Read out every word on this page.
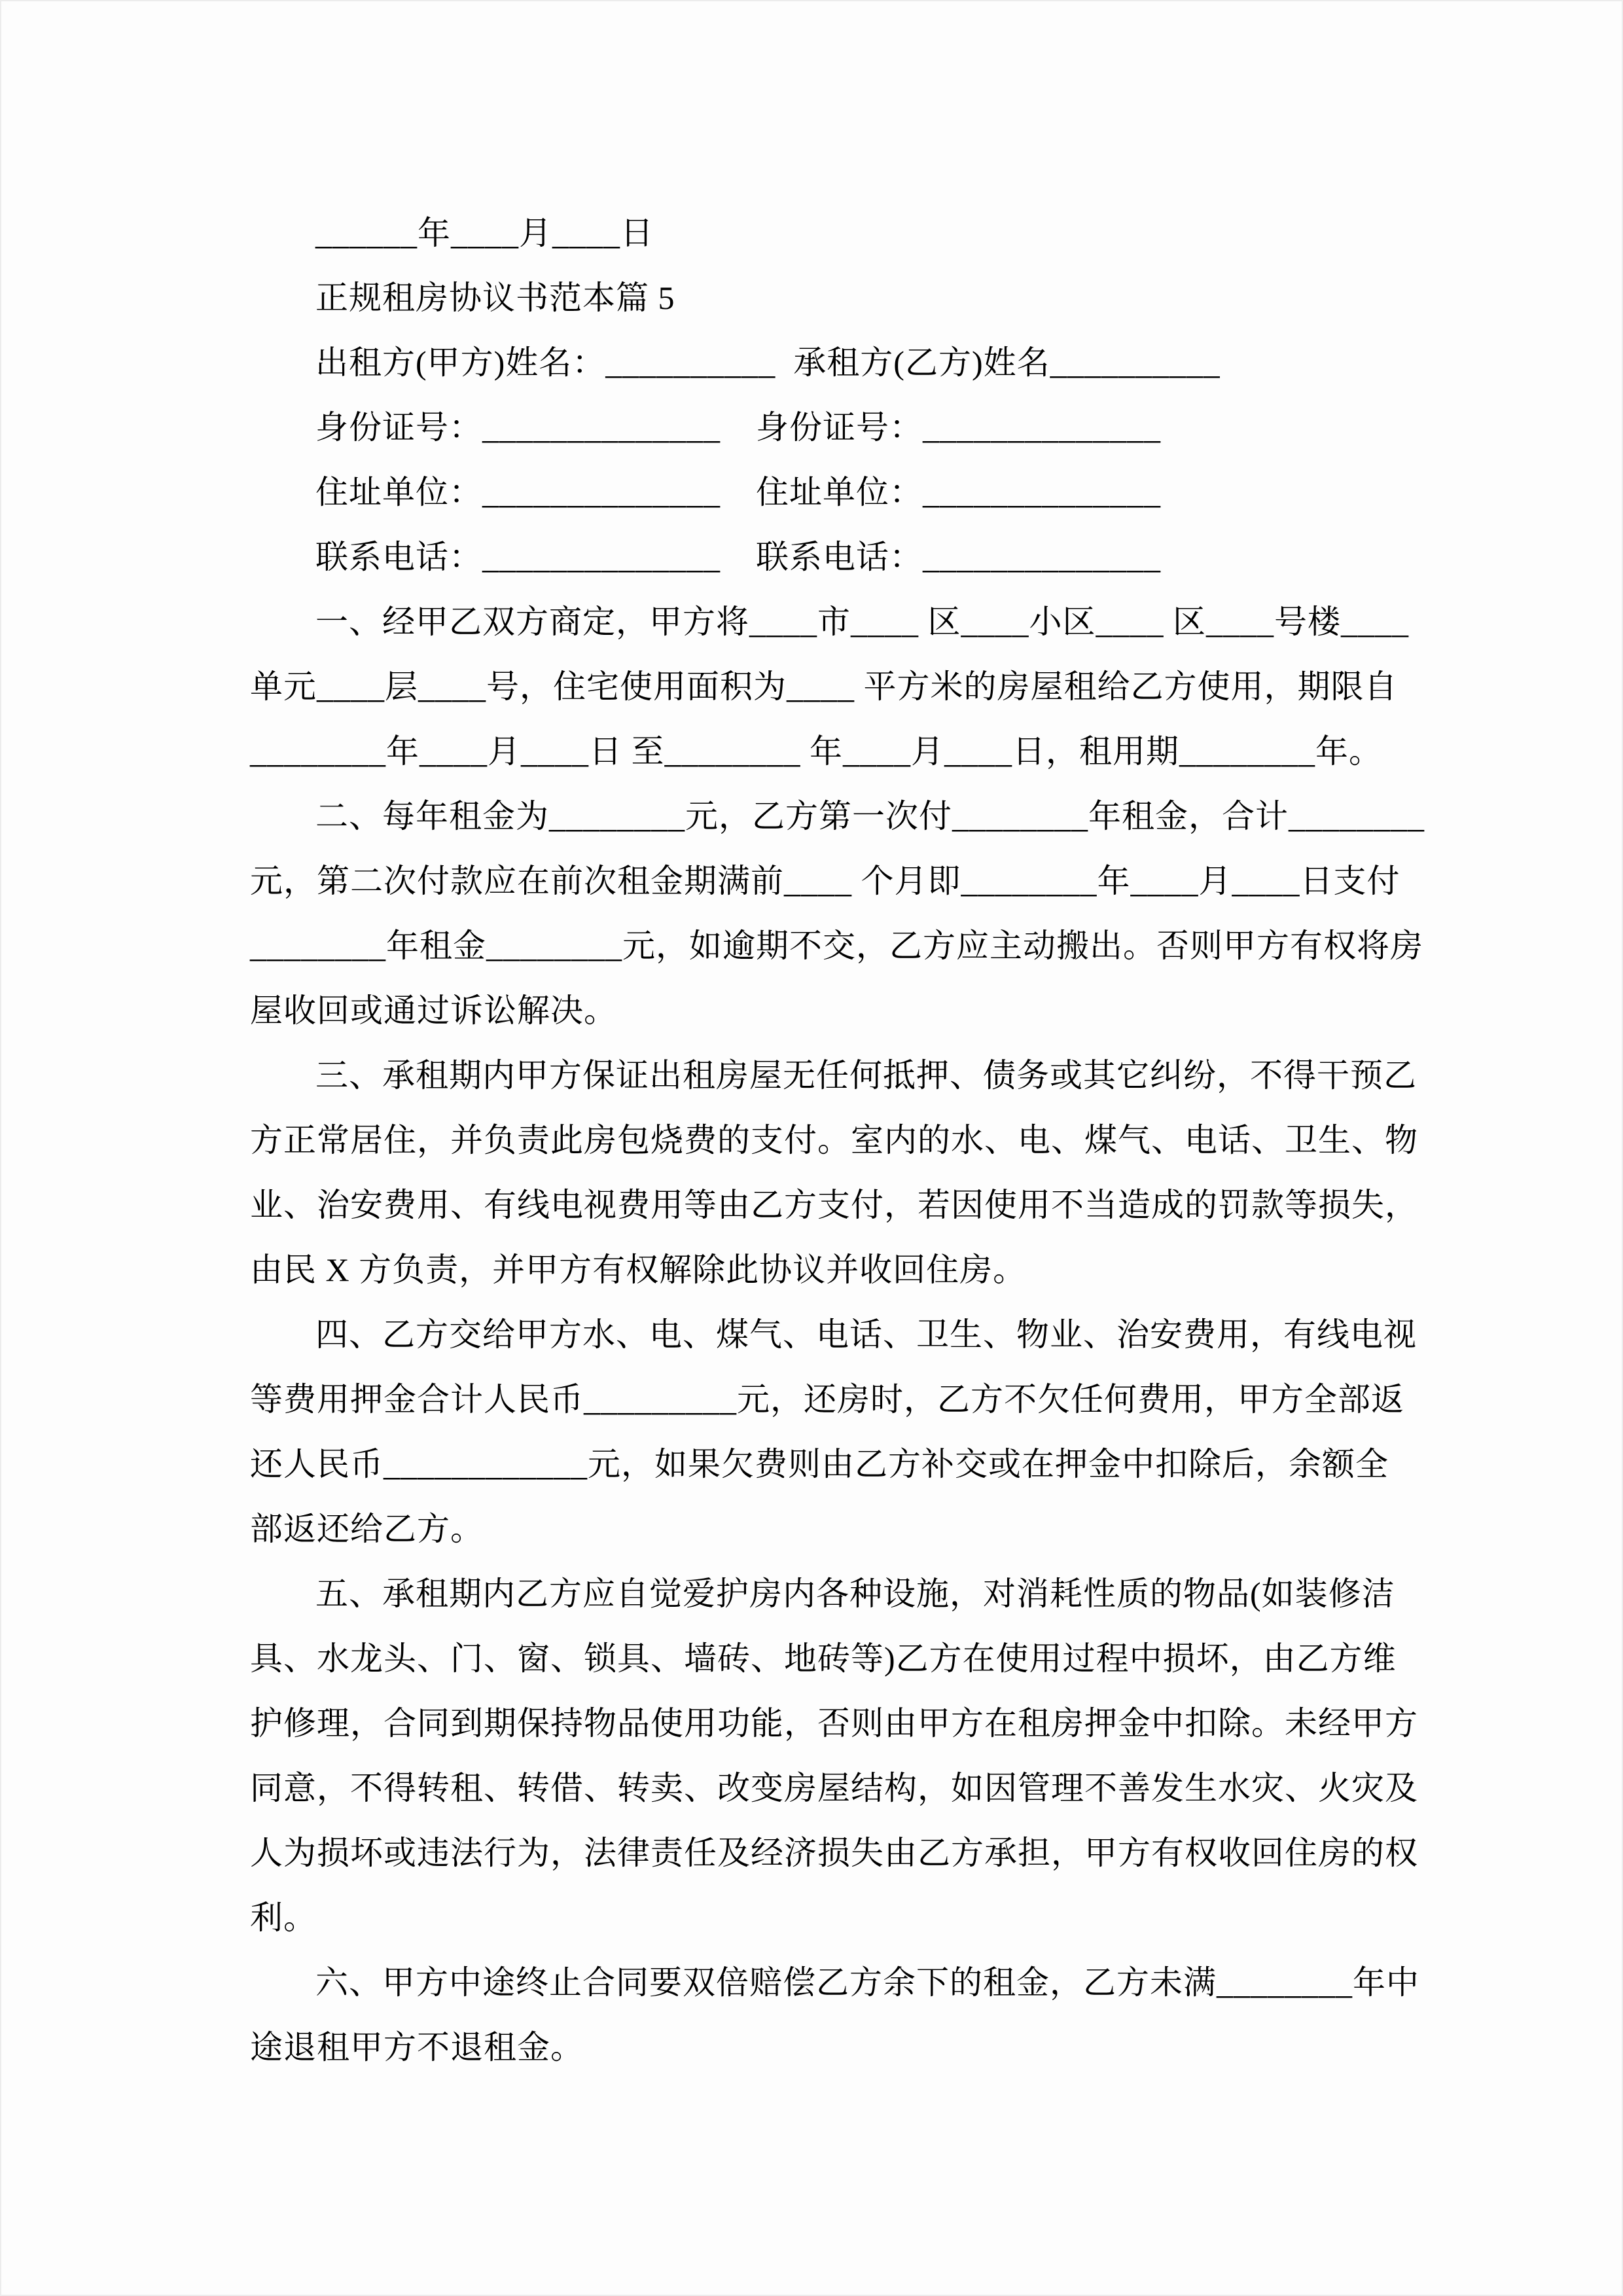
______年____月____日
正规租房协议书范本篇 5
出租方(甲方)姓名：__________  承租方(乙方)姓名__________
身份证号：______________    身份证号：______________
住址单位：______________    住址单位：______________
联系电话：______________    联系电话：______________
一、经甲乙双方商定，甲方将____市____ 区____小区____ 区____号楼____
单元____层____号，住宅使用面积为____ 平方米的房屋租给乙方使用，期限自
________年____月____日 至________ 年____月____日，租用期________年。
二、每年租金为________元，乙方第一次付________年租金，合计________
元，第二次付款应在前次租金期满前____ 个月即________年____月____日支付
________年租金________元，如逾期不交，乙方应主动搬出。否则甲方有权将房
屋收回或通过诉讼解决。
三、承租期内甲方保证出租房屋无任何抵押、债务或其它纠纷，不得干预乙
方正常居住，并负责此房包烧费的支付。室内的水、电、煤气、电话、卫生、物
业、治安费用、有线电视费用等由乙方支付，若因使用不当造成的罚款等损失，
由民 X 方负责，并甲方有权解除此协议并收回住房。
四、乙方交给甲方水、电、煤气、电话、卫生、物业、治安费用，有线电视
等费用押金合计人民币_________元，还房时，乙方不欠任何费用，甲方全部返
还人民币____________元，如果欠费则由乙方补交或在押金中扣除后，余额全
部返还给乙方。
五、承租期内乙方应自觉爱护房内各种设施，对消耗性质的物品(如装修洁
具、水龙头、门、窗、锁具、墙砖、地砖等)乙方在使用过程中损坏，由乙方维
护修理，合同到期保持物品使用功能，否则由甲方在租房押金中扣除。未经甲方
同意，不得转租、转借、转卖、改变房屋结构，如因管理不善发生水灾、火灾及
人为损坏或违法行为，法律责任及经济损失由乙方承担，甲方有权收回住房的权
利。
六、甲方中途终止合同要双倍赔偿乙方余下的租金，乙方未满________年中
途退租甲方不退租金。
